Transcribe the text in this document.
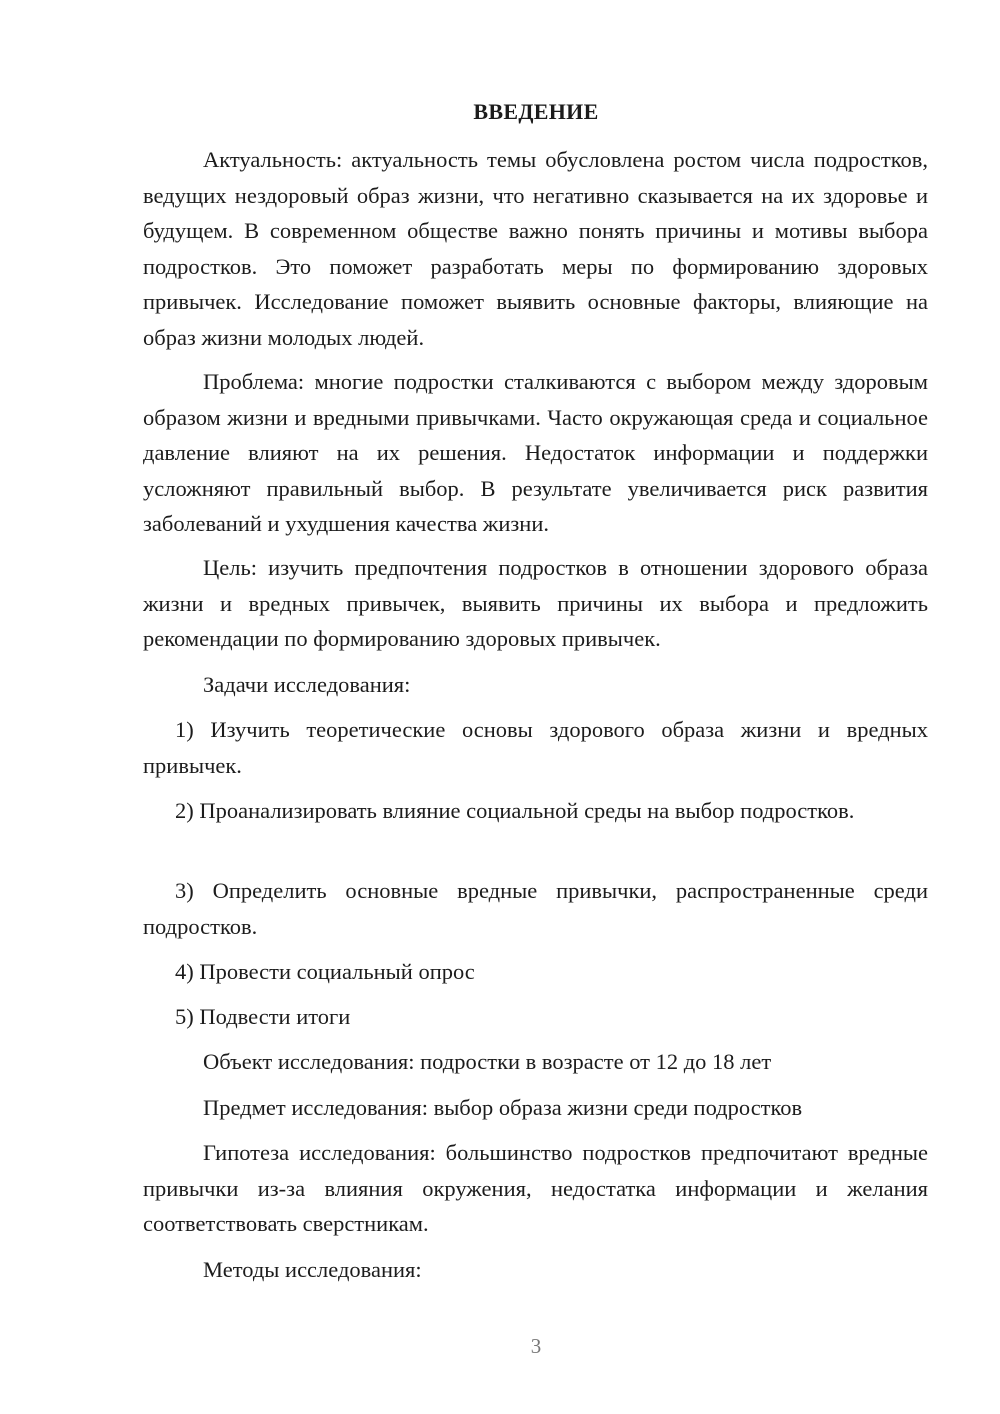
ВВЕДЕНИЕ

Актуальность: актуальность темы обусловлена ростом числа подростков, ведущих нездоровый образ жизни, что негативно сказывается на их здоровье и будущем. В современном обществе важно понять причины и мотивы выбора подростков. Это поможет разработать меры по формированию здоровых привычек. Исследование поможет выявить основные факторы, влияющие на образ жизни молодых людей.

Проблема: многие подростки сталкиваются с выбором между здоровым образом жизни и вредными привычками. Часто окружающая среда и социальное давление влияют на их решения. Недостаток информации и поддержки усложняют правильный выбор. В результате увеличивается риск развития заболеваний и ухудшения качества жизни.

Цель: изучить предпочтения подростков в отношении здорового образа жизни и вредных привычек, выявить причины их выбора и предложить рекомендации по формированию здоровых привычек.

Задачи исследования:

1) Изучить теоретические основы здорового образа жизни и вредных привычек.

2) Проанализировать влияние социальной среды на выбор подростков.

3) Определить основные вредные привычки, распространенные среди подростков.

4) Провести социальный опрос

5) Подвести итоги

Объект исследования: подростки в возрасте от 12 до 18 лет

Предмет исследования: выбор образа жизни среди подростков

Гипотеза исследования: большинство подростков предпочитают вредные привычки из-за влияния окружения, недостатка информации и желания соответствовать сверстникам.

Методы исследования:

3
